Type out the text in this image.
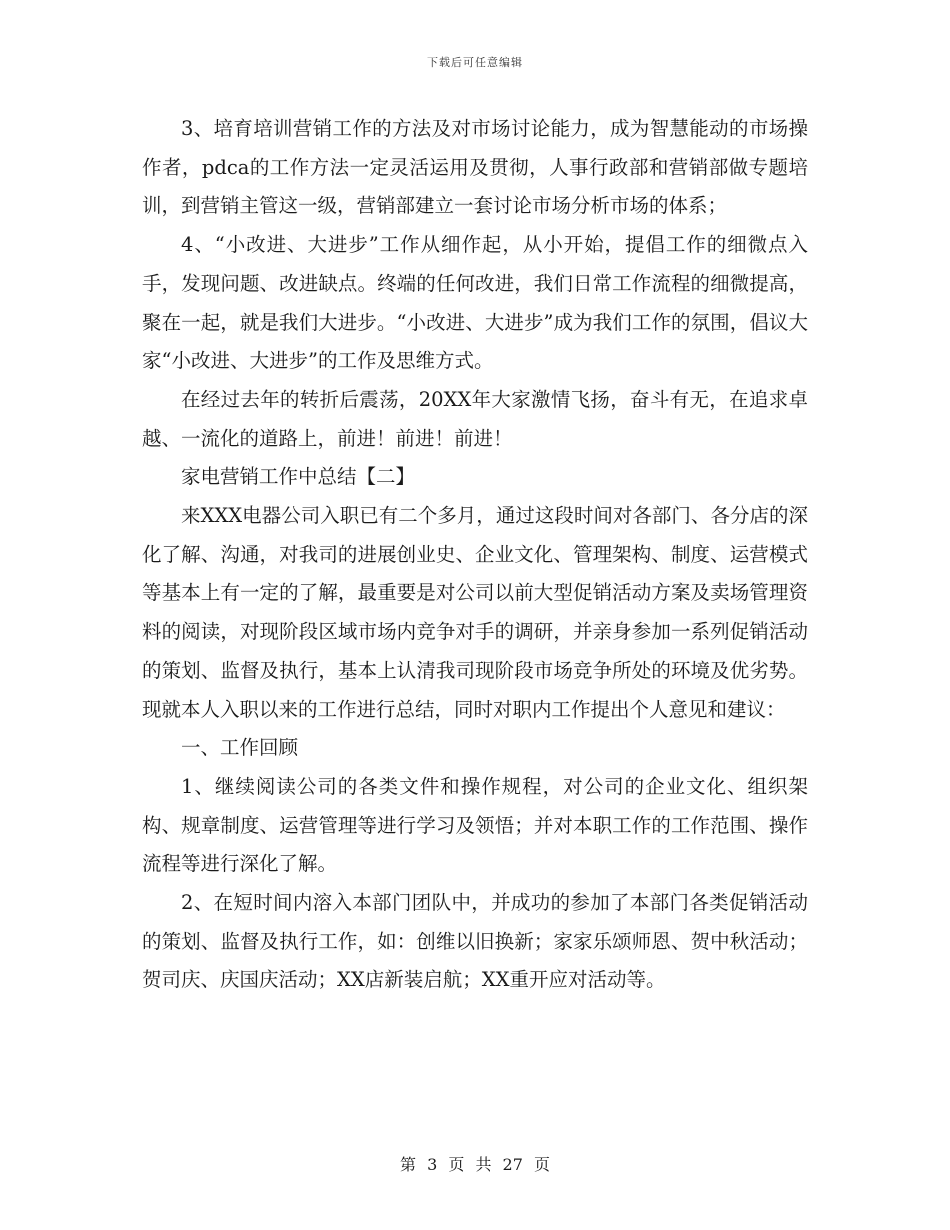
下载后可任意编辑

3、培育培训营销工作的方法及对市场讨论能力，成为智慧能动的市场操作者，pdca的工作方法一定灵活运用及贯彻，人事行政部和营销部做专题培训，到营销主管这一级，营销部建立一套讨论市场分析市场的体系；

4、“小改进、大进步”工作从细作起，从小开始，提倡工作的细微点入手，发现问题、改进缺点。终端的任何改进，我们日常工作流程的细微提高，聚在一起，就是我们大进步。“小改进、大进步”成为我们工作的氛围，倡议大家“小改进、大进步”的工作及思维方式。

在经过去年的转折后震荡，20XX年大家激情飞扬，奋斗有无，在追求卓越、一流化的道路上，前进！前进！前进！

家电营销工作中总结【二】

来XXX电器公司入职已有二个多月，通过这段时间对各部门、各分店的深化了解、沟通，对我司的进展创业史、企业文化、管理架构、制度、运营模式等基本上有一定的了解，最重要是对公司以前大型促销活动方案及卖场管理资料的阅读，对现阶段区域市场内竞争对手的调研，并亲身参加一系列促销活动的策划、监督及执行，基本上认清我司现阶段市场竞争所处的环境及优劣势。现就本人入职以来的工作进行总结，同时对职内工作提出个人意见和建议：

一、工作回顾

1、继续阅读公司的各类文件和操作规程，对公司的企业文化、组织架构、规章制度、运营管理等进行学习及领悟；并对本职工作的工作范围、操作流程等进行深化了解。

2、在短时间内溶入本部门团队中，并成功的参加了本部门各类促销活动的策划、监督及执行工作，如：创维以旧换新；家家乐颂师恩、贺中秋活动；贺司庆、庆国庆活动；XX店新装启航；XX重开应对活动等。

第 3 页 共 27 页
